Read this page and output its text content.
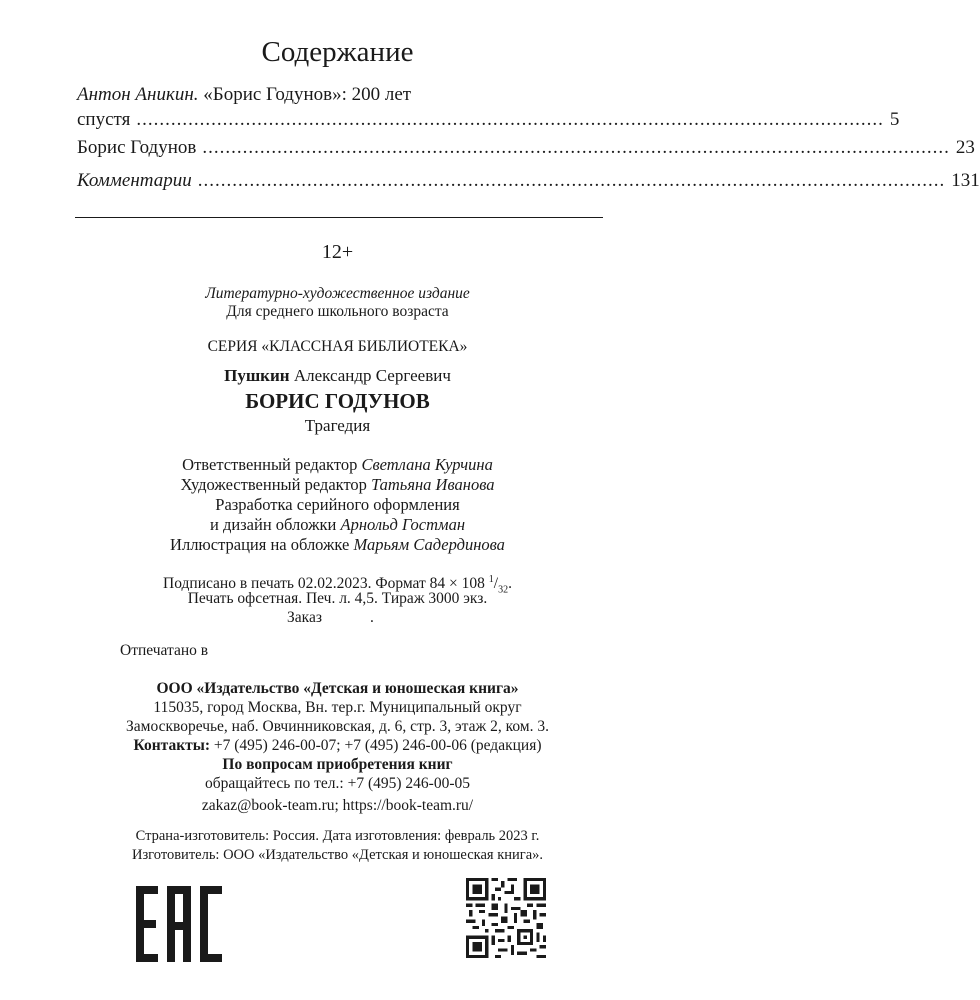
Содержание
Антон Аникин. «Борис Годунов»: 200 лет
спустя .................................................................................................................................. 5
Борис Годунов .................................................................................................................................. 23
Комментарии .................................................................................................................................. 131
12+
Литературно-художественное издание
Для среднего школьного возраста
СЕРИЯ «КЛАССНАЯ БИБЛИОТЕКА»
Пушкин Александр Сергеевич
БОРИС ГОДУНОВ
Трагедия
Ответственный редактор Светлана Курчина
Художественный редактор Татьяна Иванова
Разработка серийного оформления
и дизайн обложки Арнольд Гостман
Иллюстрация на обложке Марьям Садердинова
Подписано в печать 02.02.2023. Формат 84 × 108 $^1/_{32}$.
Печать офсетная. Печ. л. 4,5. Тираж 3000 экз.
Заказ	.
Отпечатано в
ООО «Издательство «Детская и юношеская книга»
115035, город Москва, Вн. тер.г. Муниципальный округ
Замоскворечье, наб. Овчинниковская, д. 6, стр. 3, этаж 2, ком. 3.
Контакты: +7 (495) 246-00-07; +7 (495) 246-00-06 (редакция)
По вопросам приобретения книг
обращайтесь по тел.: +7 (495) 246-00-05
zakaz@book-team.ru; https://book-team.ru/
Страна-изготовитель: Россия. Дата изготовления: февраль 2023 г.
Изготовитель: ООО «Издательство «Детская и юношеская книга».
